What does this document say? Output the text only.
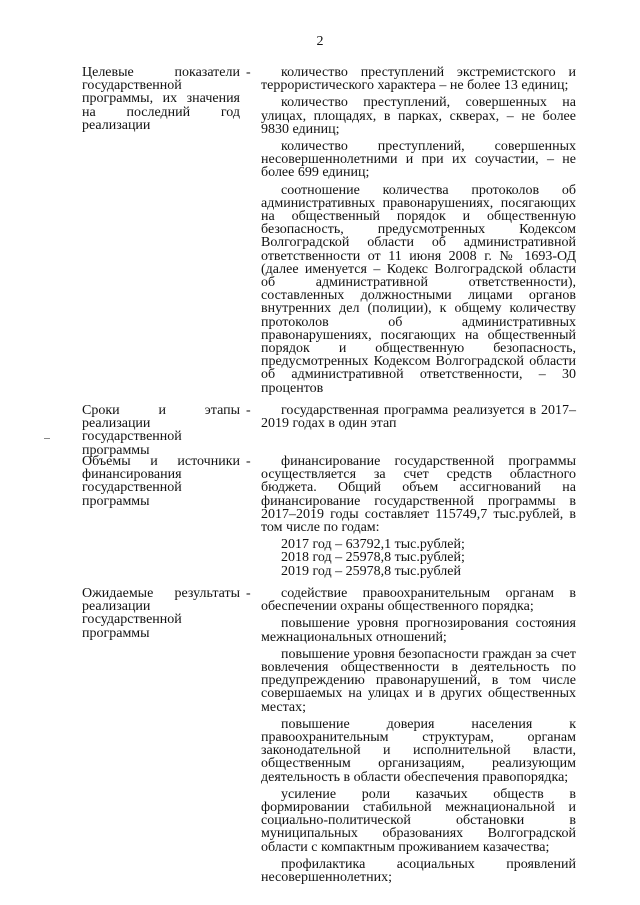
2
Целевые показатели государственной программы, их значения на последний год реализации
-	количество преступлений экстремистского и террористического характера – не более 13 единиц;

количество преступлений, совершенных на улицах, площадях, в парках, скверах, – не более 9830 единиц;

количество преступлений, совершенных несовершеннолетними и при их соучастии, – не более 699 единиц;

соотношение количества протоколов об административных правонарушениях, посягающих на общественный порядок и общественную безопасность, предусмотренных Кодексом Волгоградской области об административной ответственности от 11 июня 2008 г. № 1693-ОД (далее именуется – Кодекс Волгоградской области об административной ответственности), составленных должностными лицами органов внутренних дел (полиции), к общему количеству протоколов об административных правонарушениях, посягающих на общественный порядок и общественную безопасность, предусмотренных Кодексом Волгоградской области об административной ответственности, – 30 процентов

Сроки и этапы реализации государственной программы
-	государственная программа реализуется в 2017–2019 годах в один этап

Объемы и источники финансирования государственной программы
-	финансирование государственной программы осуществляется за счет средств областного бюджета. Общий объем ассигнований на финансирование государственной программы в 2017–2019 годы составляет 115749,7 тыс.рублей, в том числе по годам:

2017 год – 63792,1 тыс.рублей;

2018 год – 25978,8 тыс.рублей;

2019 год – 25978,8 тыс.рублей

Ожидаемые результаты реализации государственной программы
-	содействие правоохранительным органам в обеспечении охраны общественного порядка;

повышение уровня прогнозирования состояния межнациональных отношений;

повышение уровня безопасности граждан за счет вовлечения общественности в деятельность по предупреждению правонарушений, в том числе совершаемых на улицах и в других общественных местах;

повышение доверия населения к правоохранительным структурам, органам законодательной и исполнительной власти, общественным организациям, реализующим деятельность в области обеспечения правопорядка;

усиление роли казачьих обществ в формировании стабильной межнациональной и социально-политической обстановки в муниципальных образованиях Волгоградской области с компактным проживанием казачества;

профилактика асоциальных проявлений несовершеннолетних;
